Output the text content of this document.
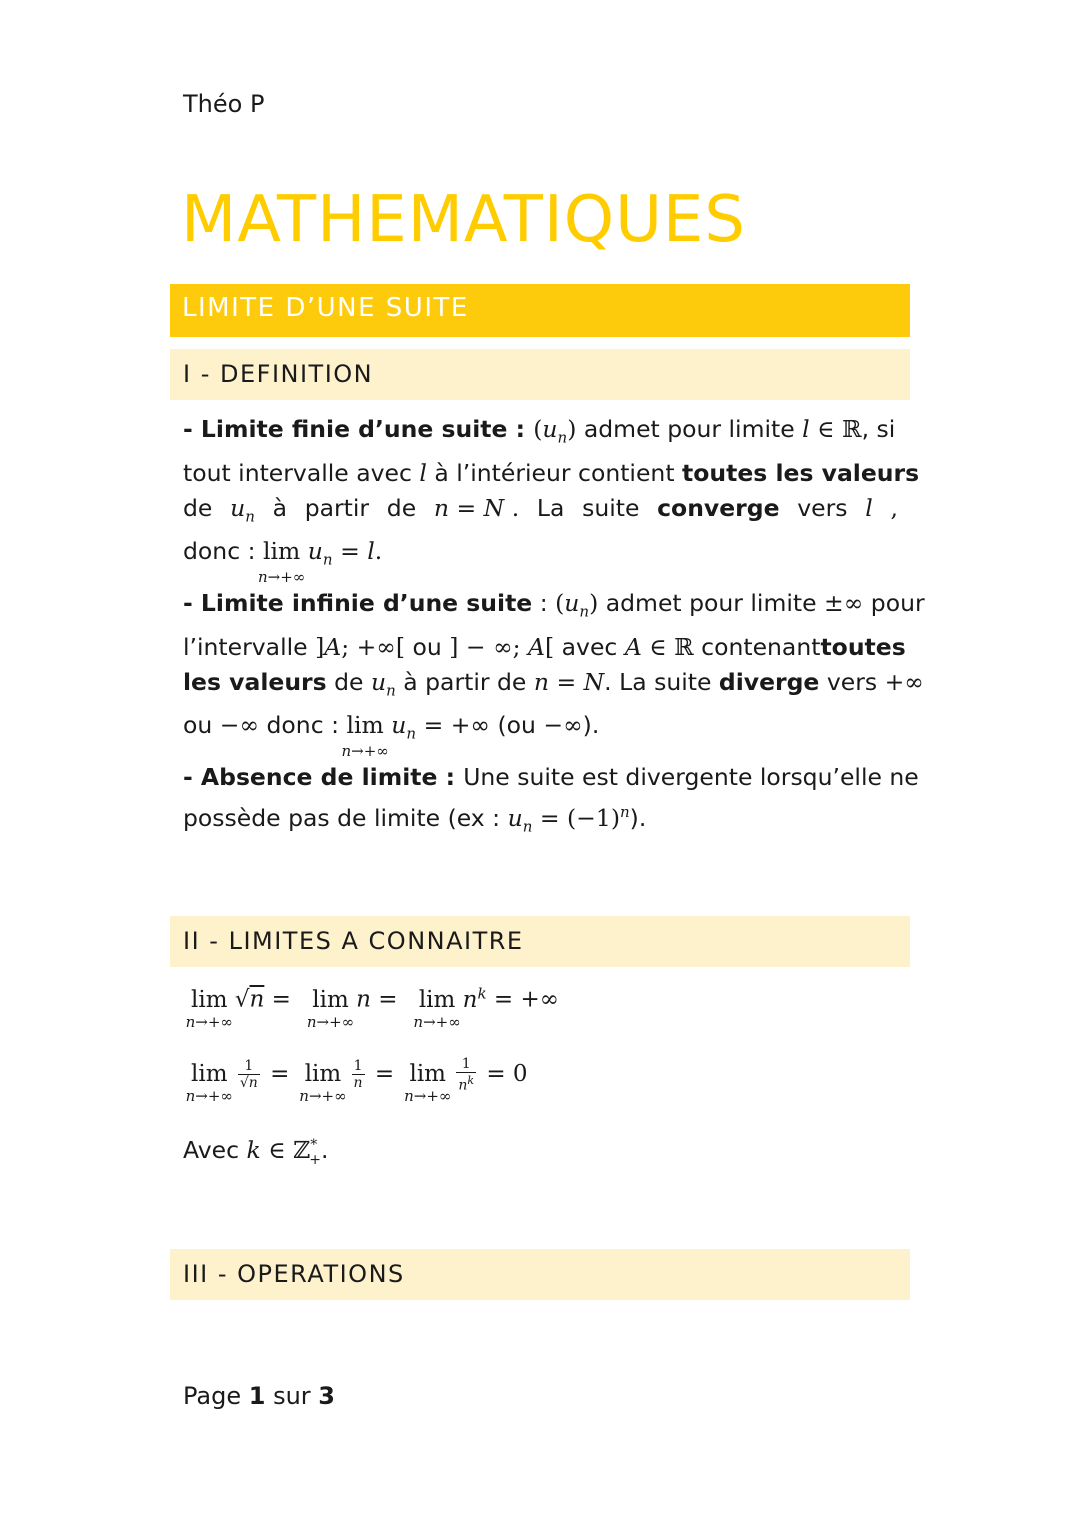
Théo P
MATHEMATIQUES
LIMITE D’UNE SUITE
I - DEFINITION
- Limite finie d’une suite : $(u_n)$ admet pour limite l ∈ ℝ, si
tout intervalle avec l à l’intérieur contient toutes les valeurs
de $u_n$ à partir de n = N . La suite converge vers l ,
donc : lim
n→+∞
$u_n = l$.
- Limite infinie d’une suite : $(u_n)$ admet pour limite ±∞ pour
l’intervalle ]A; +∞[ ou ] − ∞; A[ avec A ∈ ℝ contenant toutes
les valeurs de $u_n$ à partir de n = N. La suite diverge vers +∞
ou −∞ donc : lim
n→+∞
$u_n$ = +∞ (ou −∞).
- Absence de limite : Une suite est divergente lorsqu’elle ne
possède pas de limite (ex : $u_n = (-1)^n$).
II - LIMITES A CONNAITRE
lim
n→+∞
√n = lim
n→+∞
n = lim
n→+∞
$n^k$ = +∞
lim
n→+∞

$\frac{1}{√n} = \lim$
n→+∞

$\frac{1}{n} = \lim$
n→+∞

$\frac{1}{n^k} = 0$
Avec k ∈ ℤ*$_+$.
III - OPERATIONS
Page 1 sur 3
